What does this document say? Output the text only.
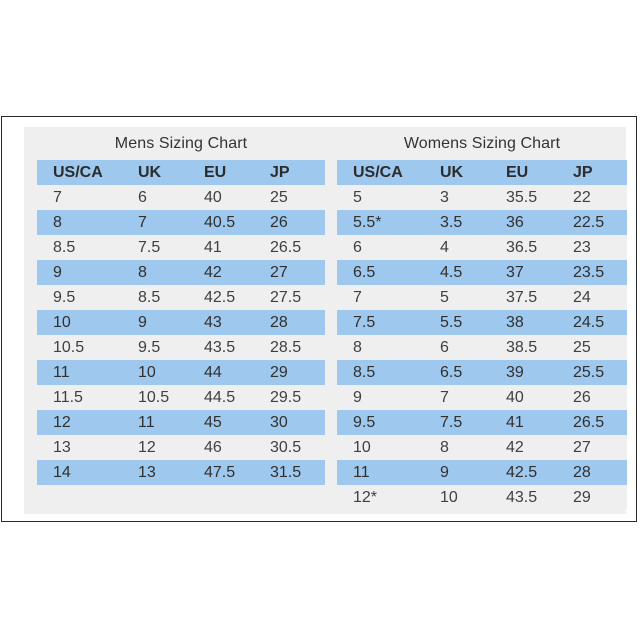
Mens Sizing Chart
US/CA	UK	EU	JP
7	6	40	25
8	7	40.5	26
8.5	7.5	41	26.5
9	8	42	27
9.5	8.5	42.5	27.5
10	9	43	28
10.5	9.5	43.5	28.5
11	10	44	29
11.5	10.5	44.5	29.5
12	11	45	30
13	12	46	30.5
14	13	47.5	31.5
Womens Sizing Chart
US/CA	UK	EU	JP
5	3	35.5	22
5.5*	3.5	36	22.5
6	4	36.5	23
6.5	4.5	37	23.5
7	5	37.5	24
7.5	5.5	38	24.5
8	6	38.5	25
8.5	6.5	39	25.5
9	7	40	26
9.5	7.5	41	26.5
10	8	42	27
11	9	42.5	28
12*	10	43.5	29
